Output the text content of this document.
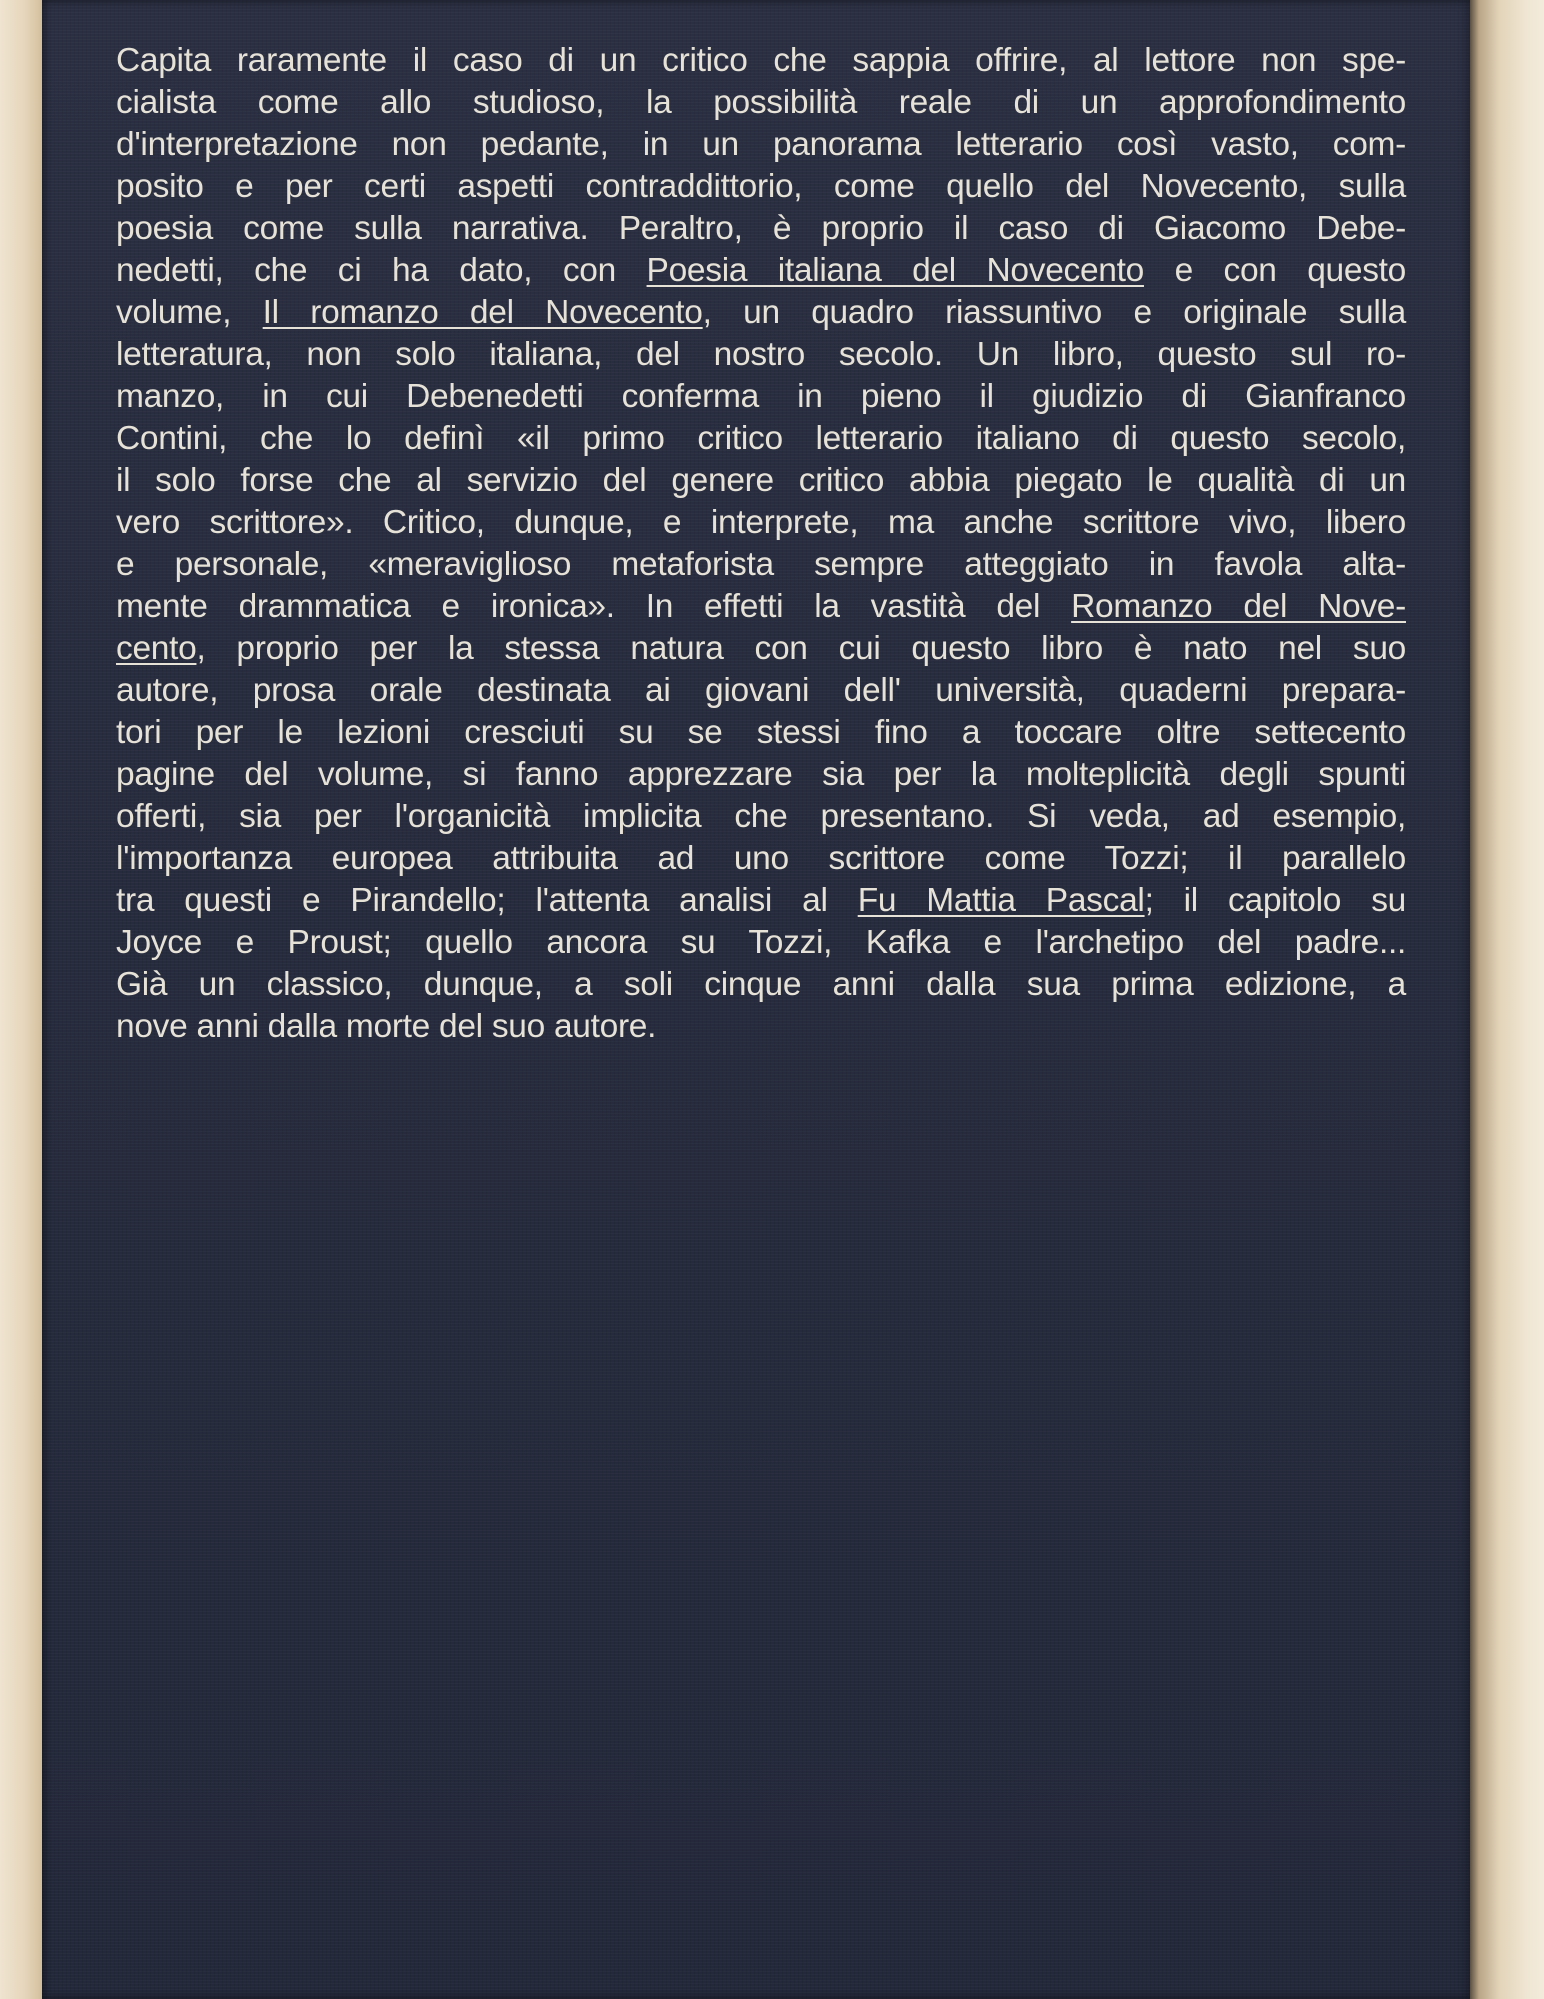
Capita raramente il caso di un critico che sappia offrire, al lettore non spe-
cialista come allo studioso, la possibilità reale di un approfondimento
d'interpretazione non pedante, in un panorama letterario così vasto, com-
posito e per certi aspetti contraddittorio, come quello del Novecento, sulla
poesia come sulla narrativa. Peraltro, è proprio il caso di Giacomo Debe-
nedetti, che ci ha dato, con Poesia italiana del Novecento e con questo
volume, Il romanzo del Novecento, un quadro riassuntivo e originale sulla
letteratura, non solo italiana, del nostro secolo. Un libro, questo sul ro-
manzo, in cui Debenedetti conferma in pieno il giudizio di Gianfranco
Contini, che lo definì «il primo critico letterario italiano di questo secolo,
il solo forse che al servizio del genere critico abbia piegato le qualità di un
vero scrittore». Critico, dunque, e interprete, ma anche scrittore vivo, libero
e personale, «meraviglioso metaforista sempre atteggiato in favola alta-
mente drammatica e ironica». In effetti la vastità del Romanzo del Nove-
cento, proprio per la stessa natura con cui questo libro è nato nel suo
autore, prosa orale destinata ai giovani dell' università, quaderni prepara-
tori per le lezioni cresciuti su se stessi fino a toccare oltre settecento
pagine del volume, si fanno apprezzare sia per la molteplicità degli spunti
offerti, sia per l'organicità implicita che presentano. Si veda, ad esempio,
l'importanza europea attribuita ad uno scrittore come Tozzi; il parallelo
tra questi e Pirandello; l'attenta analisi al Fu Mattia Pascal; il capitolo su
Joyce e Proust; quello ancora su Tozzi, Kafka e l'archetipo del padre...
Già un classico, dunque, a soli cinque anni dalla sua prima edizione, a
nove anni dalla morte del suo autore.
